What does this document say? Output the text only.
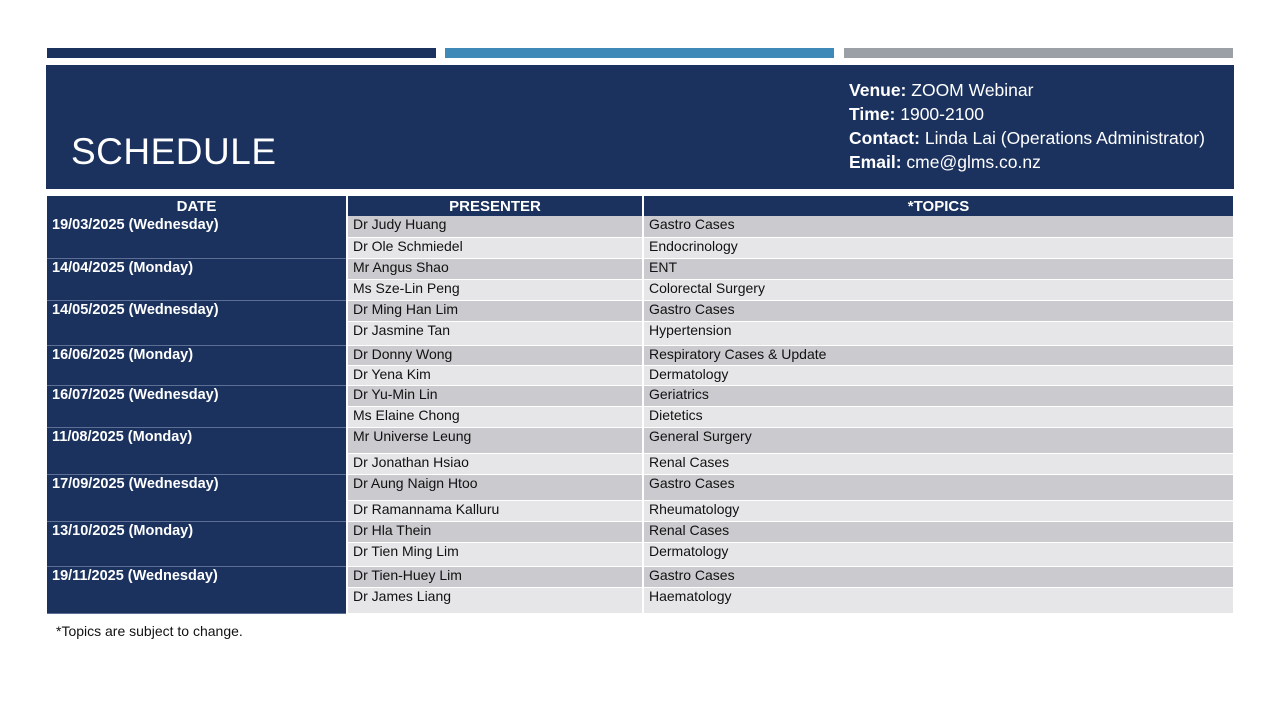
SCHEDULE
Venue: ZOOM Webinar
Time: 1900-2100
Contact: Linda Lai (Operations Administrator)
Email: cme@glms.co.nz
DATE	PRESENTER	*TOPICS
19/03/2025 (Wednesday)	Dr Judy Huang	Gastro Cases
	Dr Ole Schmiedel	Endocrinology
14/04/2025 (Monday)	Mr Angus Shao	ENT
	Ms Sze-Lin Peng	Colorectal Surgery
14/05/2025 (Wednesday)	Dr Ming Han Lim	Gastro Cases
	Dr Jasmine Tan	Hypertension
16/06/2025 (Monday)	Dr Donny Wong	Respiratory Cases & Update
	Dr Yena Kim	Dermatology
16/07/2025 (Wednesday)	Dr Yu-Min Lin	Geriatrics
	Ms Elaine Chong	Dietetics
11/08/2025 (Monday)	Mr Universe Leung	General Surgery
	Dr Jonathan Hsiao	Renal Cases
17/09/2025 (Wednesday)	Dr Aung Naign Htoo	Gastro Cases
	Dr Ramannama Kalluru	Rheumatology
13/10/2025 (Monday)	Dr Hla Thein	Renal Cases
	Dr Tien Ming Lim	Dermatology
19/11/2025 (Wednesday)	Dr Tien-Huey Lim	Gastro Cases
	Dr James Liang	Haematology
*Topics are subject to change.
